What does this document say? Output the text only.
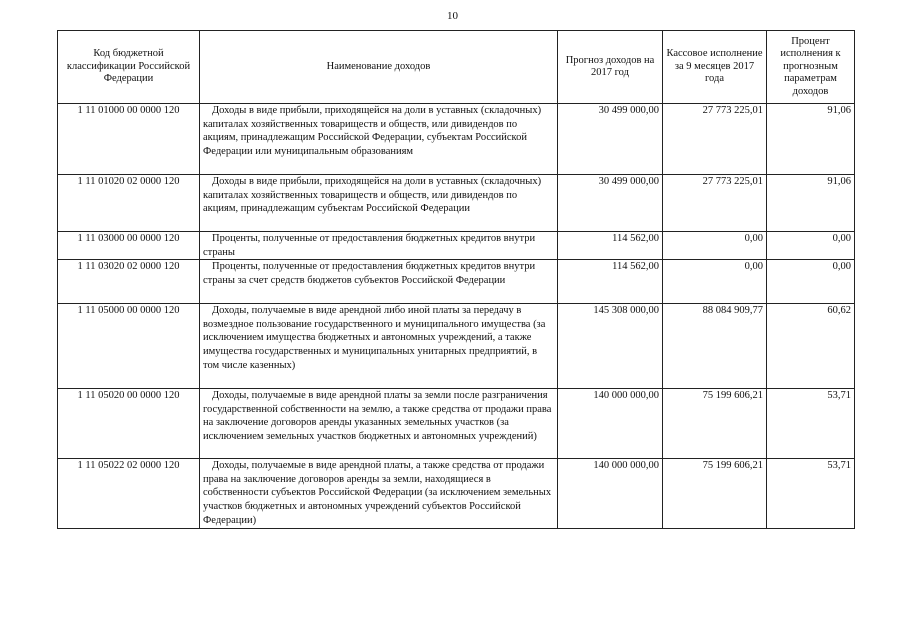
10
Код бюджетной классификации Российской Федерации	Наименование доходов	Прогноз доходов на 2017 год	Кассовое исполнение за 9 месяцев 2017 года	Процент исполнения к прогнозным параметрам доходов
1 11 01000 00 0000 120	Доходы в виде прибыли, приходящейся на доли в уставных (складочных) капиталах хозяйственных товариществ и обществ, или дивидендов по акциям, принадлежащим Российской Федерации, субъектам Российской Федерации или муниципальным образованиям	30 499 000,00	27 773 225,01	91,06
1 11 01020 02 0000 120	Доходы в виде прибыли, приходящейся на доли в уставных (складочных) капиталах хозяйственных товариществ и обществ, или дивидендов по акциям, принадлежащим субъектам Российской Федерации	30 499 000,00	27 773 225,01	91,06
1 11 03000 00 0000 120	Проценты, полученные от предоставления бюджетных кредитов внутри страны	114 562,00	0,00	0,00
1 11 03020 02 0000 120	Проценты, полученные от предоставления бюджетных кредитов внутри страны за счет средств бюджетов субъектов Российской Федерации	114 562,00	0,00	0,00
1 11 05000 00 0000 120	Доходы, получаемые в виде арендной либо иной платы за передачу в возмездное пользование государственного и муниципального имущества (за исключением имущества бюджетных и автономных учреждений, а также имущества государственных и муниципальных унитарных предприятий, в том числе казенных)	145 308 000,00	88 084 909,77	60,62
1 11 05020 00 0000 120	Доходы, получаемые в виде арендной платы за земли после разграничения государственной собственности на землю, а также средства от продажи права на заключение договоров аренды указанных земельных участков (за исключением земельных участков бюджетных и автономных учреждений)	140 000 000,00	75 199 606,21	53,71
1 11 05022 02 0000 120	Доходы, получаемые в виде арендной платы, а также средства от продажи права на заключение договоров аренды за земли, находящиеся в собственности субъектов Российской Федерации (за исключением земельных участков бюджетных и автономных учреждений субъектов Российской Федерации)	140 000 000,00	75 199 606,21	53,71
